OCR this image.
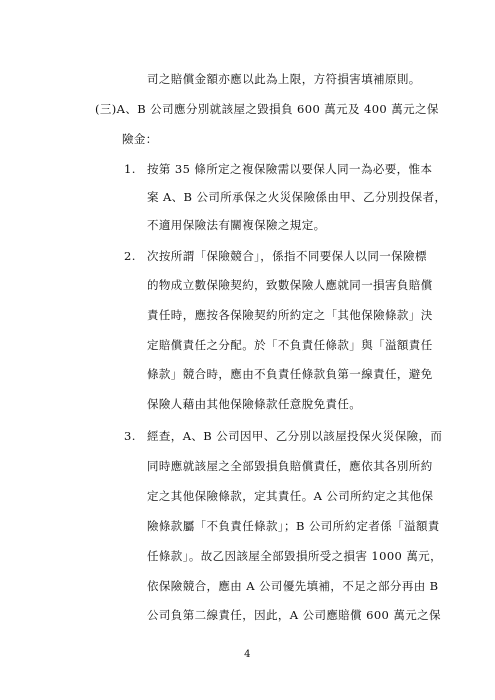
司之賠償金額亦應以此為上限，方符損害填補原則。
(三)A、B 公司應分別就該屋之毀損負 600 萬元及 400 萬元之保
險金：
1. 按第 35 條所定之複保險需以要保人同一為必要，惟本
案 A、B 公司所承保之火災保險係由甲、乙分別投保者，
不適用保險法有關複保險之規定。
2. 次按所謂「保險競合」，係指不同要保人以同一保險標
的物成立數保險契約，致數保險人應就同一損害負賠償
責任時，應按各保險契約所約定之「其他保險條款」決
定賠償責任之分配。於「不負責任條款」與「溢額責任
條款」競合時，應由不負責任條款負第一線責任，避免
保險人藉由其他保險條款任意脫免責任。
3. 經查，A、B 公司因甲、乙分別以該屋投保火災保險，而
同時應就該屋之全部毀損負賠償責任，應依其各別所約
定之其他保險條款，定其責任。A 公司所約定之其他保
險條款屬「不負責任條款」；B 公司所約定者係「溢額責
任條款」。故乙因該屋全部毀損所受之損害 1000 萬元，
依保險競合，應由 A 公司優先填補，不足之部分再由 B
公司負第二線責任，因此，A 公司應賠償 600 萬元之保
4
